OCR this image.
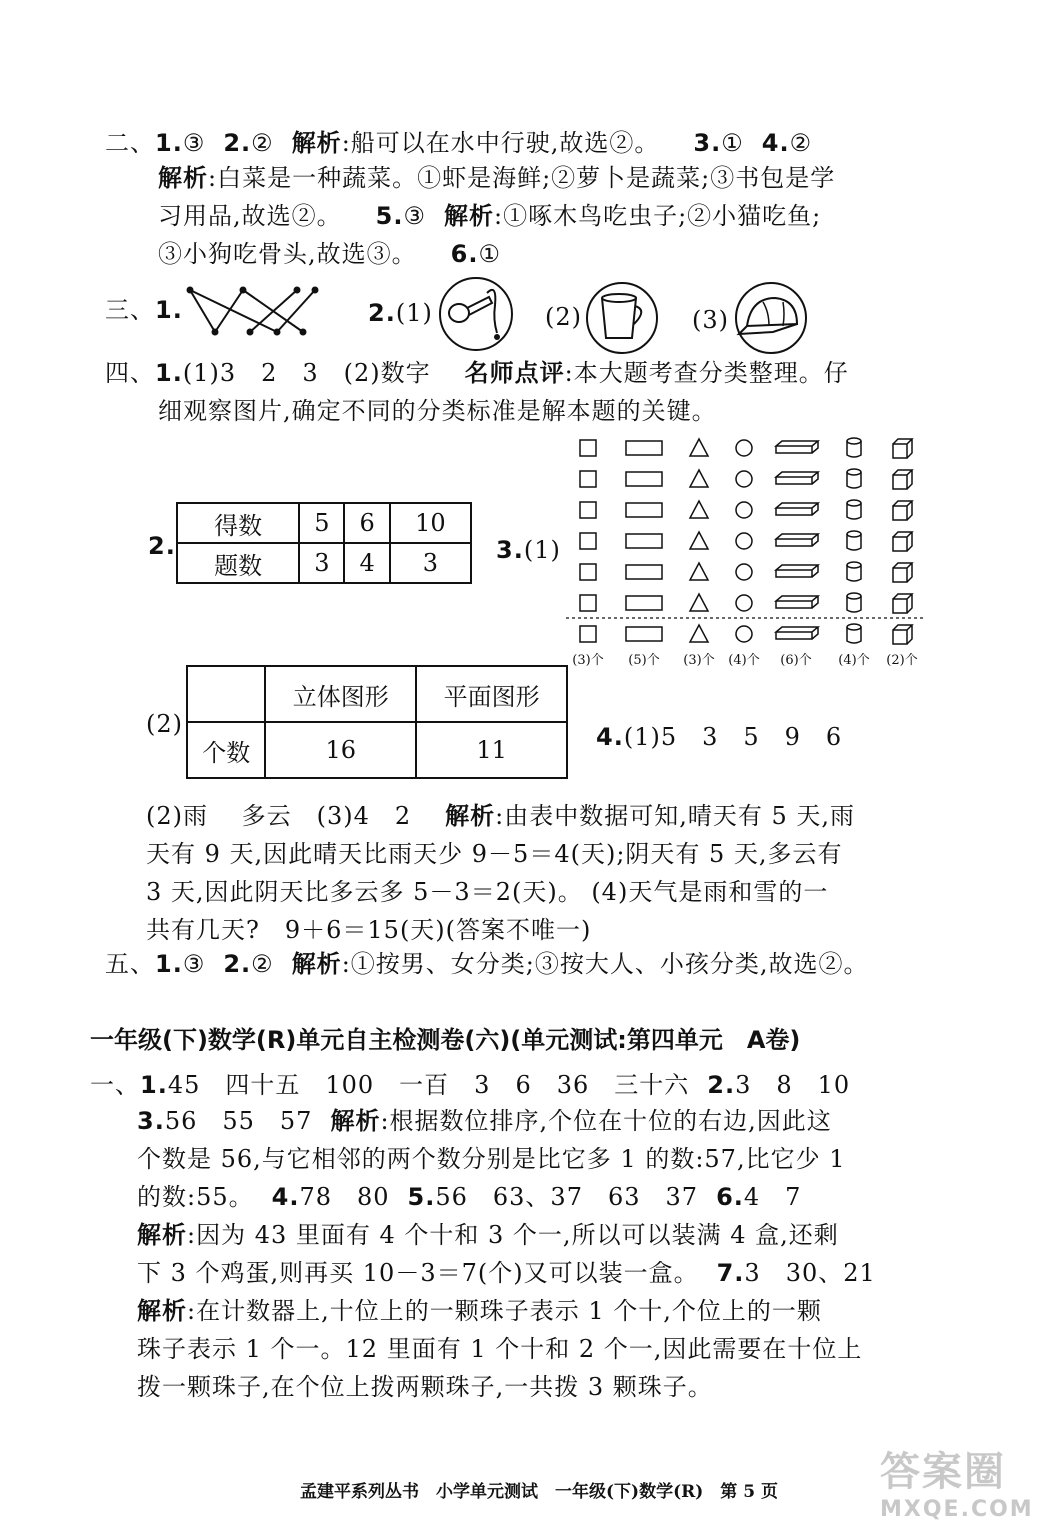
二、1.③ 2.② 解析:船可以在水中行驶,故选②。 3.① 4.②
解析:白菜是一种蔬菜。①虾是海鲜;②萝卜是蔬菜;③书包是学
习用品,故选②。 5.③ 解析:①啄木鸟吃虫子;②小猫吃鱼;
③小狗吃骨头,故选③。 6.①
三、1.	2.(1)	(2)	(3)
四、1.(1)3　2　3　(2)数字 名师点评:本大题考查分类整理。仔
细观察图片,确定不同的分类标准是解本题的关键。
2.
得数	5	6	10
题数	3	4	3 3.(1)
(3)个 (5)个 (3)个 (4)个 (6)个 (4)个 (2)个
(2)
	立体图形	平面图形
个数	16	11	4.(1)5　3　5　9　6
(2)雨　 多云　(3)4　2 解析:由表中数据可知,晴天有 5 天,雨
天有 9 天,因此晴天比雨天少 9－5＝4(天);阴天有 5 天,多云有
3 天,因此阴天比多云多 5－3＝2(天)。 (4)天气是雨和雪的一
共有几天?　9＋6＝15(天)(答案不唯一)
五、1.③ 2.② 解析:①按男、女分类;③按大人、小孩分类,故选②。
一年级(下)数学(R)单元自主检测卷(六)(单元测试:第四单元　A卷)
一、1.45　四十五　100　一百　3　6　36　三十六 2.3　8　10
3.56　55　57 解析:根据数位排序,个位在十位的右边,因此这
个数是 56,与它相邻的两个数分别是比它多 1 的数:57,比它少 1
的数:55。 4.78　80 5.56　63、37　63　37 6.4　7
解析:因为 43 里面有 4 个十和 3 个一,所以可以装满 4 盒,还剩
下 3 个鸡蛋,则再买 10－3＝7(个)又可以装一盒。 7.3　30、21
解析:在计数器上,十位上的一颗珠子表示 1 个十,个位上的一颗
珠子表示 1 个一。12 里面有 1 个十和 2 个一,因此需要在十位上
拨一颗珠子,在个位上拨两颗珠子,一共拨 3 颗珠子。
孟建平系列丛书　小学单元测试　一年级(下)数学(R)　第 5 页	答案圈
MXQE.COM
